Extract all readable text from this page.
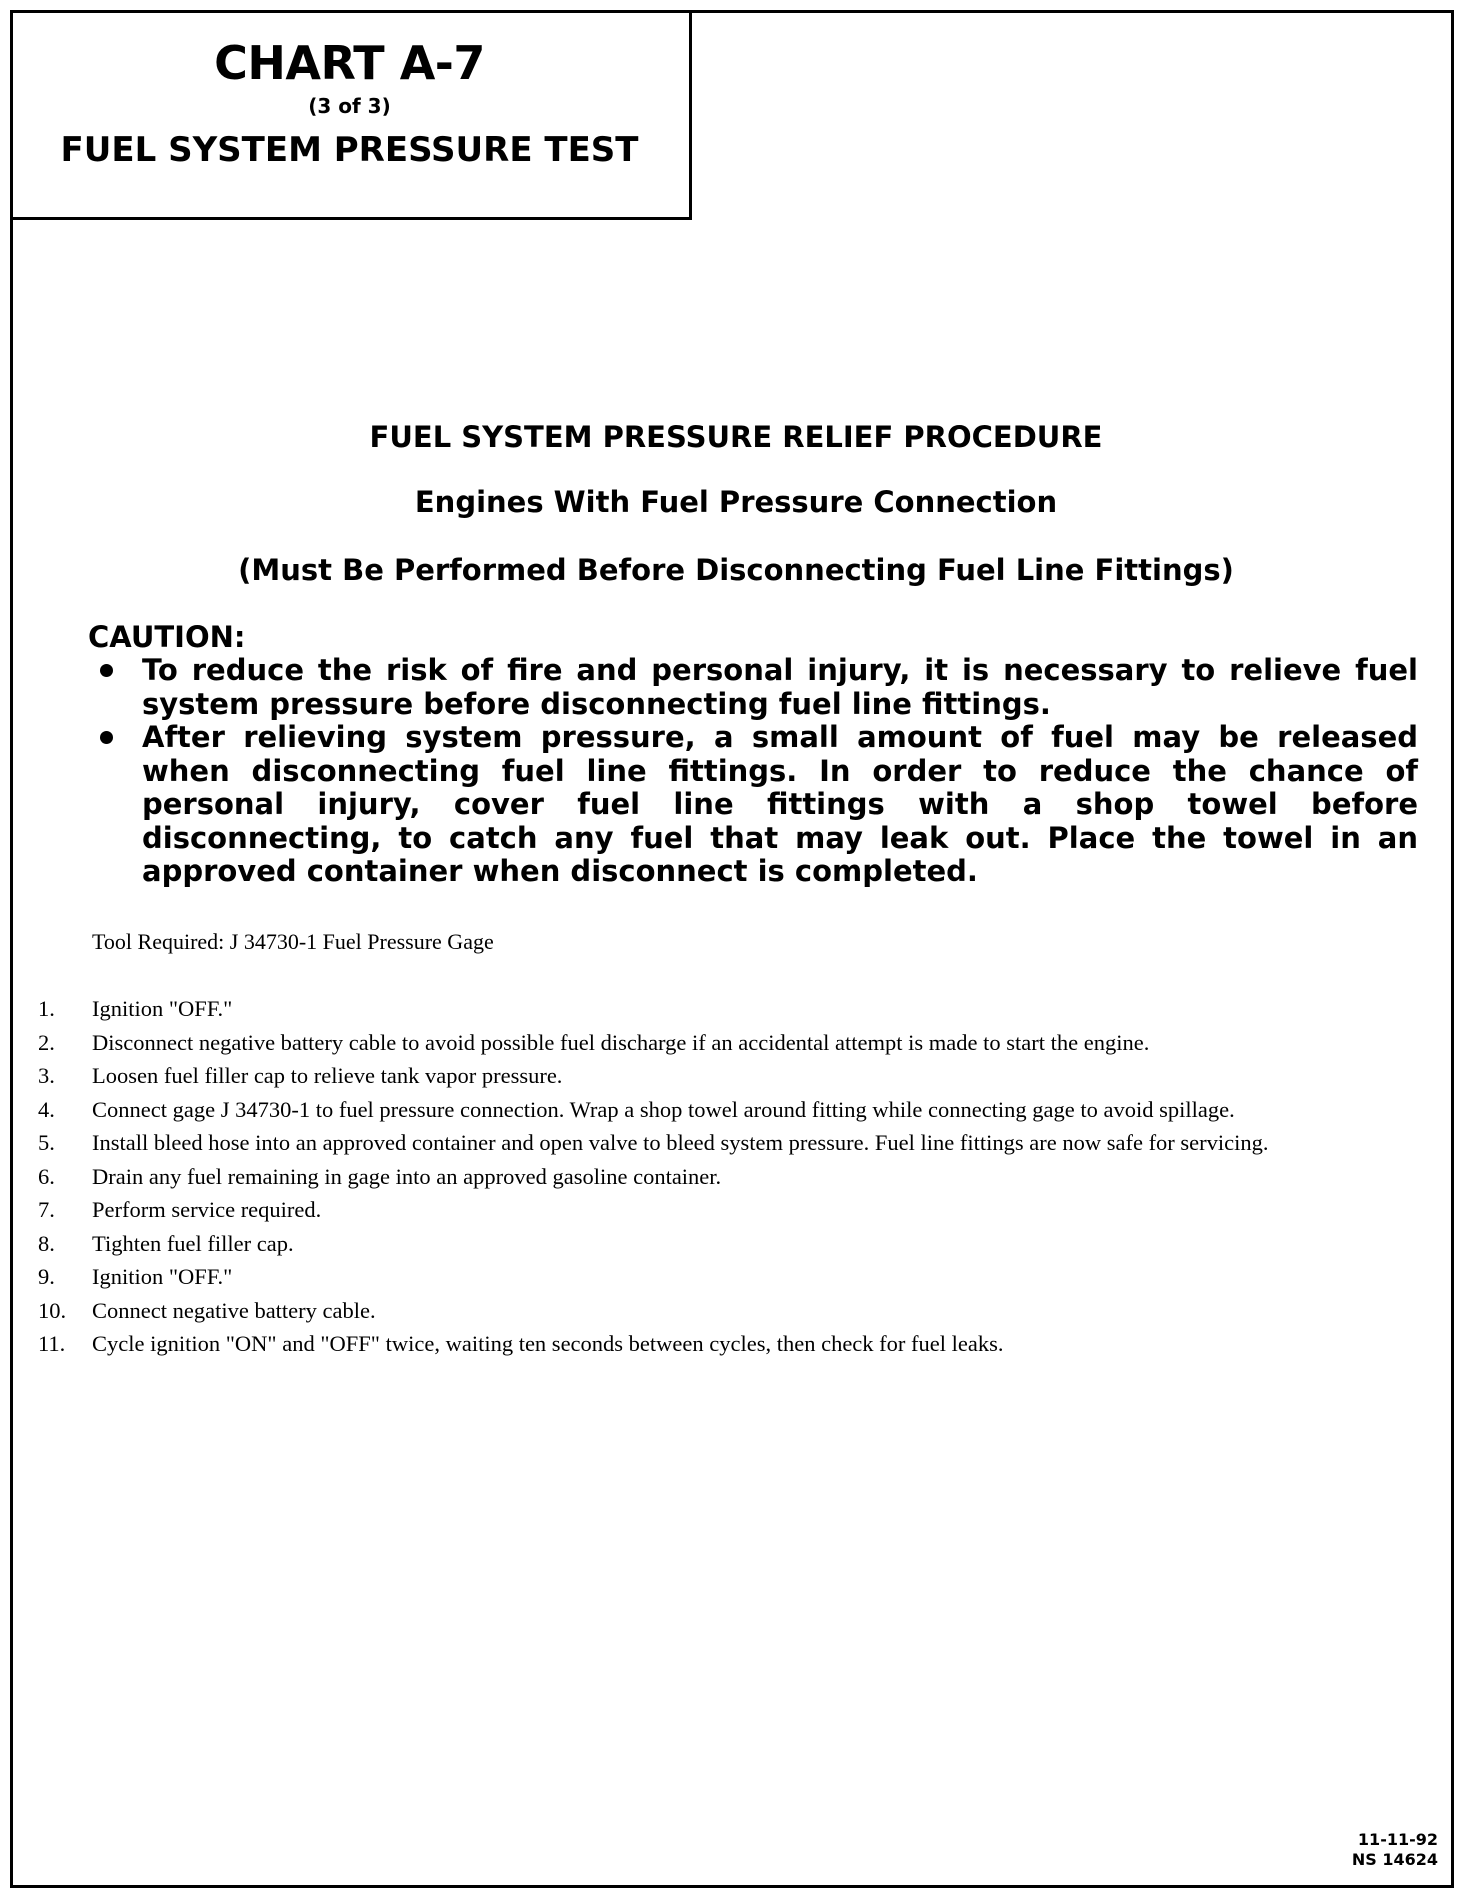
CHART A-7
(3 of 3)
FUEL SYSTEM PRESSURE TEST
FUEL SYSTEM PRESSURE RELIEF PROCEDURE
Engines With Fuel Pressure Connection
(Must Be Performed Before Disconnecting Fuel Line Fittings)
CAUTION:
To reduce the risk of fire and personal injury, it is necessary to relieve fuel system pressure before disconnecting fuel line fittings.
After relieving system pressure, a small amount of fuel may be released when disconnecting fuel line fittings. In order to reduce the chance of personal injury, cover fuel line fittings with a shop towel before disconnecting, to catch any fuel that may leak out. Place the towel in an approved container when disconnect is completed.
Tool Required: J 34730-1 Fuel Pressure Gage
1. Ignition "OFF."
2. Disconnect negative battery cable to avoid possible fuel discharge if an accidental attempt is made to start the engine.
3. Loosen fuel filler cap to relieve tank vapor pressure.
4. Connect gage J 34730-1 to fuel pressure connection. Wrap a shop towel around fitting while connecting gage to avoid spillage.
5. Install bleed hose into an approved container and open valve to bleed system pressure. Fuel line fittings are now safe for servicing.
6. Drain any fuel remaining in gage into an approved gasoline container.
7. Perform service required.
8. Tighten fuel filler cap.
9. Ignition "OFF."
10. Connect negative battery cable.
11. Cycle ignition "ON" and "OFF" twice, waiting ten seconds between cycles, then check for fuel leaks.
11-11-92
NS 14624
